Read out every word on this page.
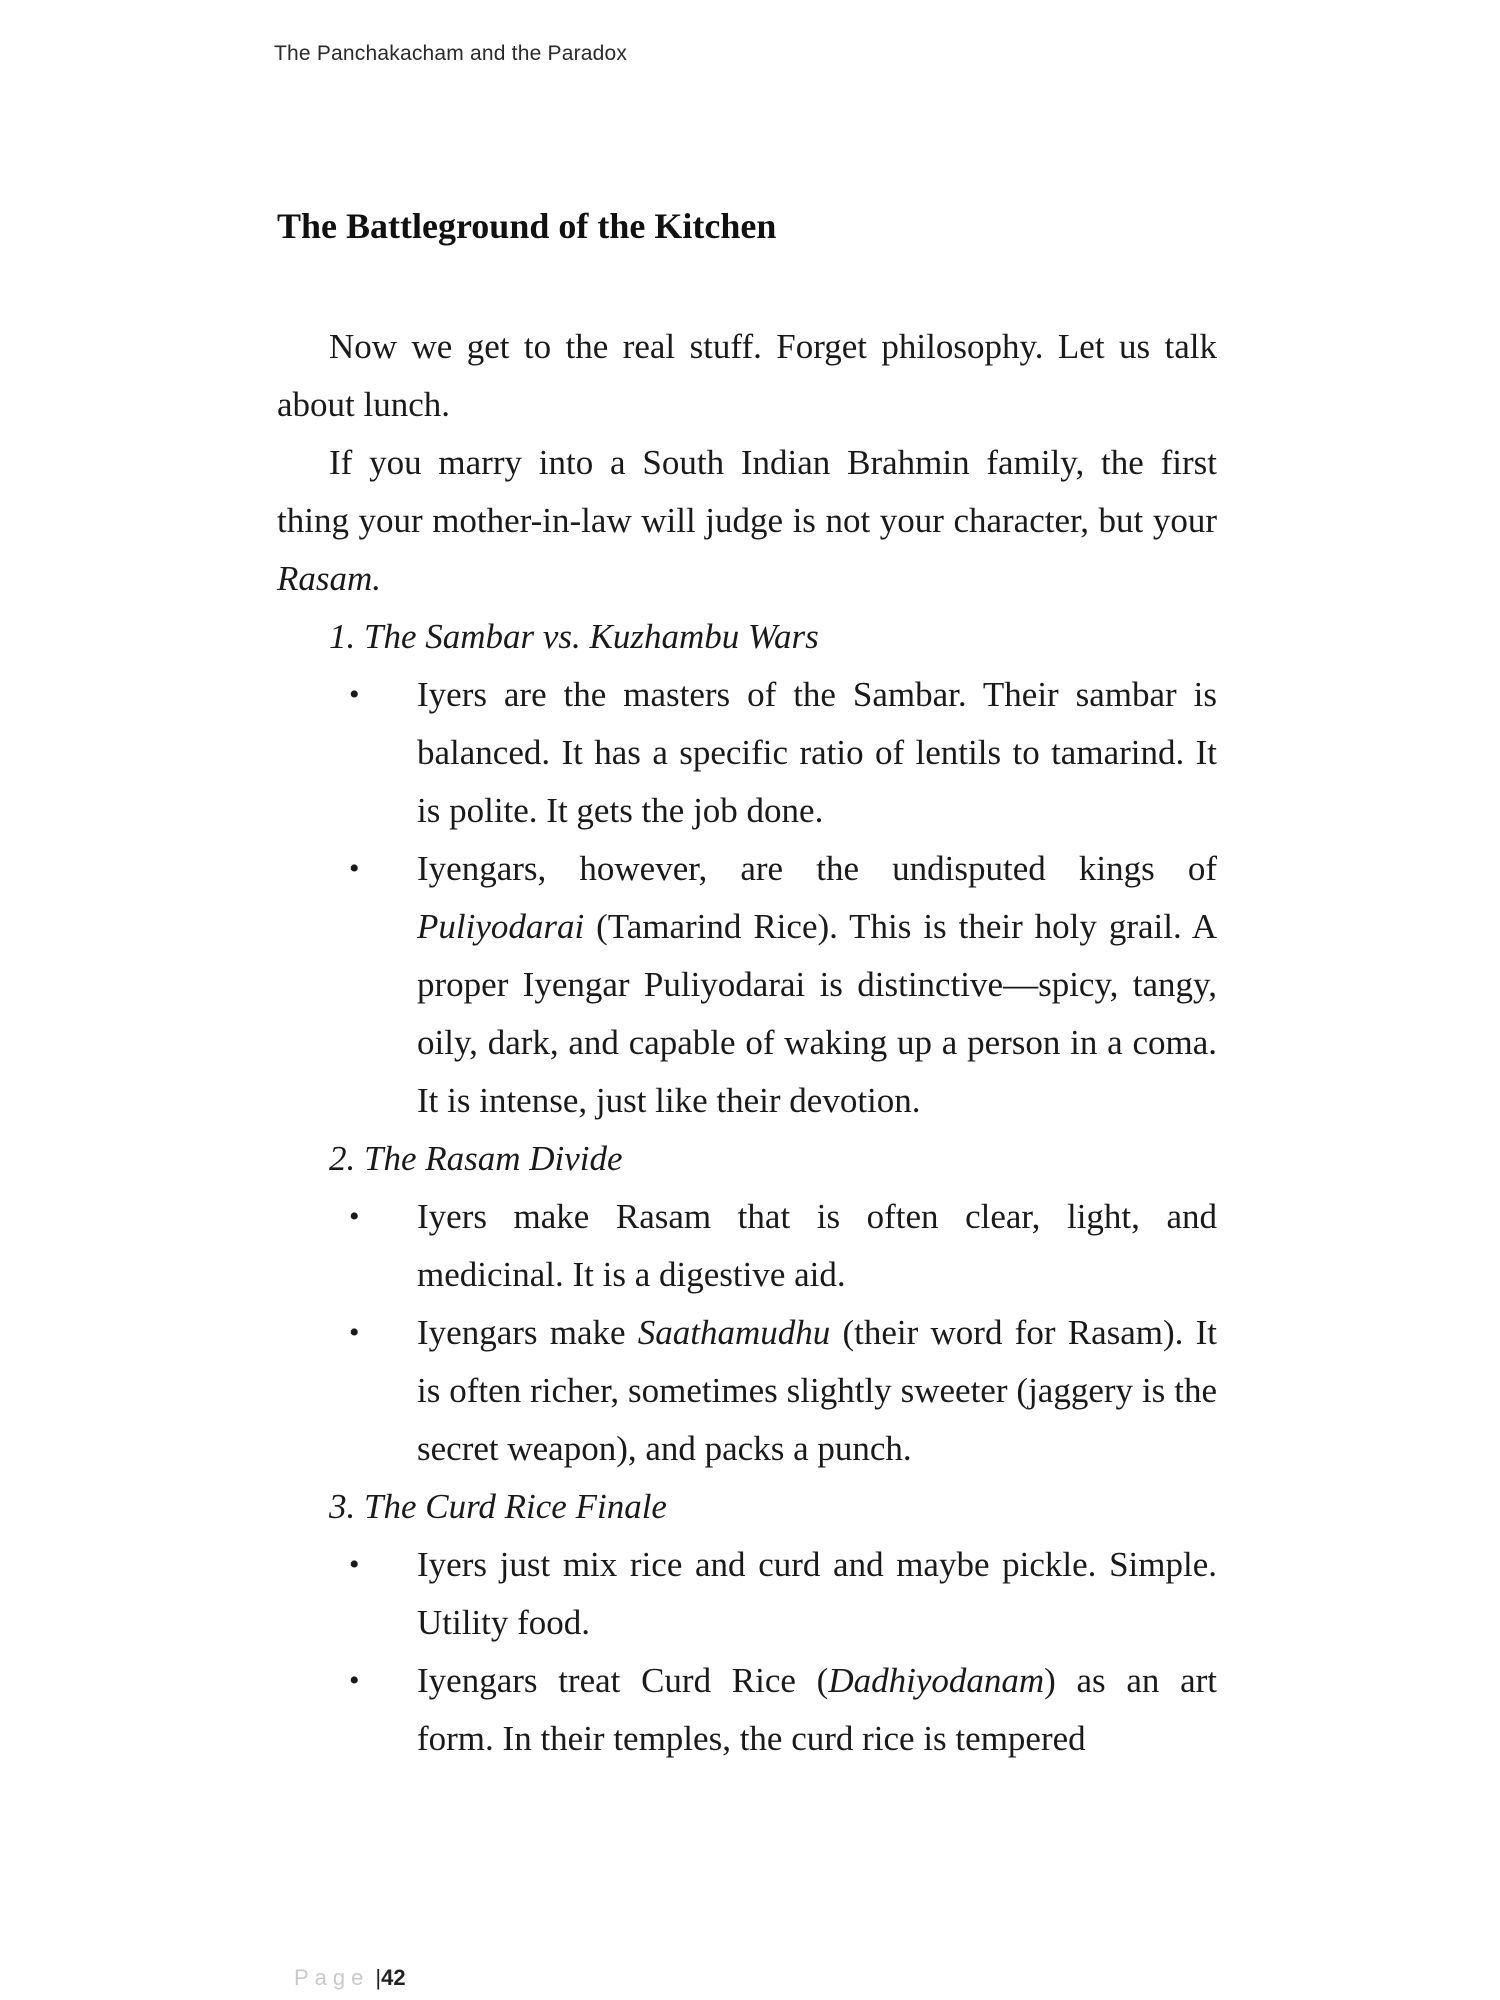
The Panchakacham and the Paradox
The Battleground of the Kitchen

Now we get to the real stuff. Forget philosophy. Let us talk about lunch.

If you marry into a South Indian Brahmin family, the first thing your mother-in-law will judge is not your character, but your Rasam.

1. The Sambar vs. Kuzhambu Wars

• Iyers are the masters of the Sambar. Their sambar is balanced. It has a specific ratio of lentils to tamarind. It is polite. It gets the job done.
• Iyengars, however, are the undisputed kings of Puliyodarai (Tamarind Rice). This is their holy grail. A proper Iyengar Puliyodarai is distinctive—spicy, tangy, oily, dark, and capable of waking up a person in a coma. It is intense, just like their devotion.

2. The Rasam Divide

• Iyers make Rasam that is often clear, light, and medicinal. It is a digestive aid.
• Iyengars make Saathamudhu (their word for Rasam). It is often richer, sometimes slightly sweeter (jaggery is the secret weapon), and packs a punch.

3. The Curd Rice Finale

• Iyers just mix rice and curd and maybe pickle. Simple. Utility food.
• Iyengars treat Curd Rice (Dadhiyodanam) as an art form. In their temples, the curd rice is tempered
Page |42
